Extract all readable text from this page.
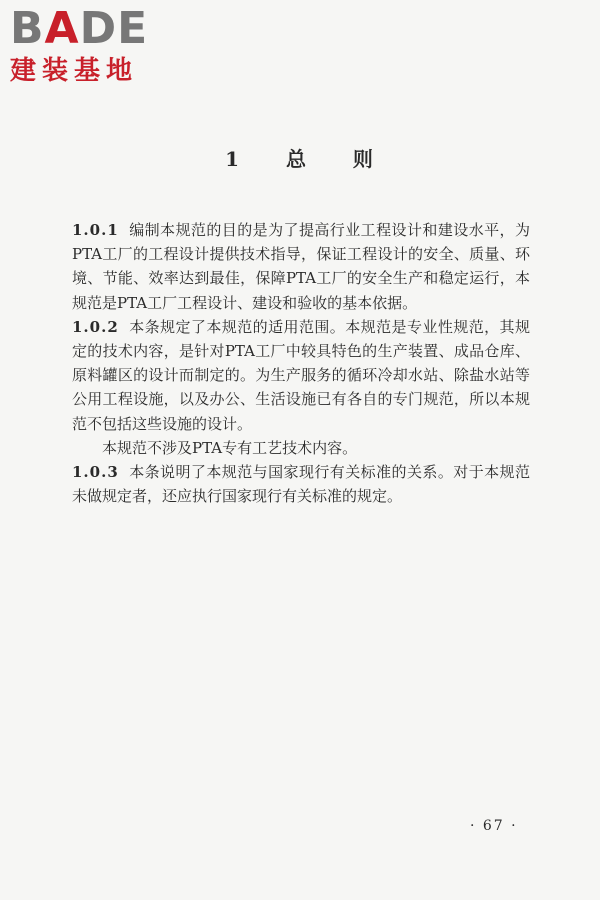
BADE
建装基地
1 总 则

1.0.1 编制本规范的目的是为了提高行业工程设计和建设水平，为PTA工厂的工程设计提供技术指导，保证工程设计的安全、质量、环境、节能、效率达到最佳，保障PTA工厂的安全生产和稳定运行，本规范是PTA工厂工程设计、建设和验收的基本依据。

1.0.2 本条规定了本规范的适用范围。本规范是专业性规范，其规定的技术内容，是针对PTA工厂中较具特色的生产装置、成品仓库、原料罐区的设计而制定的。为生产服务的循环冷却水站、除盐水站等公用工程设施，以及办公、生活设施已有各自的专门规范，所以本规范不包括这些设施的设计。

本规范不涉及PTA专有工艺技术内容。

1.0.3 本条说明了本规范与国家现行有关标准的关系。对于本规范未做规定者，还应执行国家现行有关标准的规定。

· 67 ·
